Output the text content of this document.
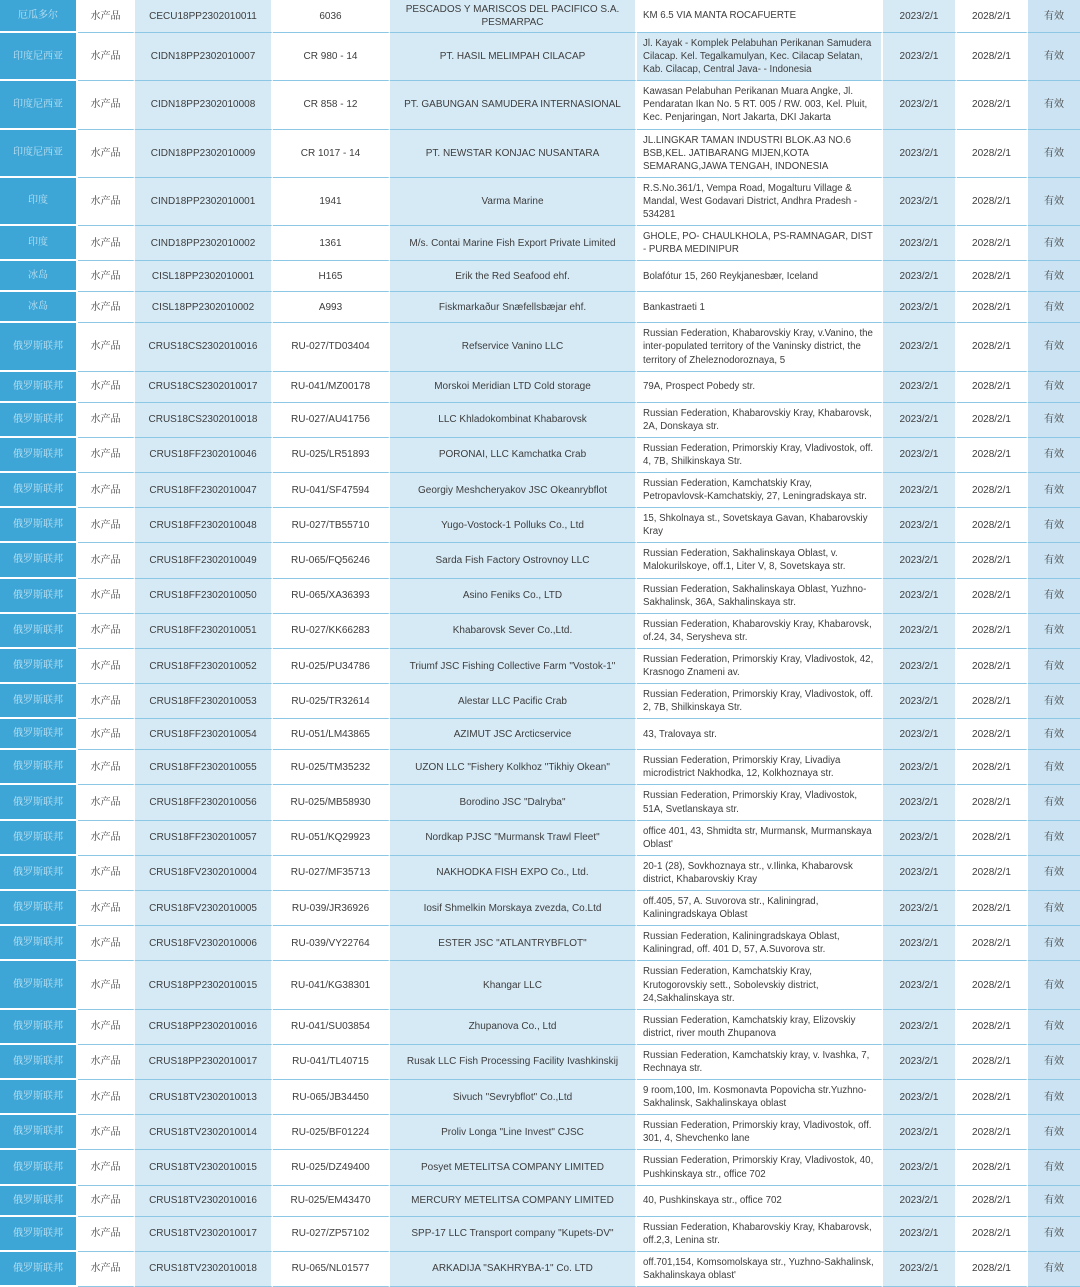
厄瓜多尔	水产品	CECU18PP2302010011	6036	PESCADOS Y MARISCOS DEL PACIFICO S.A. PESMARPAC	KM 6.5 VIA MANTA ROCAFUERTE	2023/2/1	2028/2/1	有效
印度尼西亚	水产品	CIDN18PP2302010007	CR 980 - 14	PT. HASIL MELIMPAH CILACAP	Jl. Kayak - Komplek Pelabuhan Perikanan Samudera Cilacap. Kel. Tegalkamulyan, Kec. Cilacap Selatan, Kab. Cilacap, Central Java- - Indonesia	2023/2/1	2028/2/1	有效
印度尼西亚	水产品	CIDN18PP2302010008	CR 858 - 12	PT. GABUNGAN SAMUDERA INTERNASIONAL	Kawasan Pelabuhan Perikanan Muara Angke, Jl. Pendaratan Ikan No. 5 RT. 005 / RW. 003, Kel. Pluit, Kec. Penjaringan, Nort Jakarta, DKI Jakarta	2023/2/1	2028/2/1	有效
印度尼西亚	水产品	CIDN18PP2302010009	CR 1017 - 14	PT. NEWSTAR KONJAC NUSANTARA	JL.LINGKAR TAMAN INDUSTRI BLOK.A3 NO.6 BSB,KEL. JATIBARANG MIJEN,KOTA SEMARANG,JAWA TENGAH, INDONESIA	2023/2/1	2028/2/1	有效
印度	水产品	CIND18PP2302010001	1941	Varma Marine	R.S.No.361/1, Vempa Road, Mogalturu Village & Mandal, West Godavari District, Andhra Pradesh - 534281	2023/2/1	2028/2/1	有效
印度	水产品	CIND18PP2302010002	1361	M/s. Contai Marine Fish Export Private Limited	GHOLE, PO- CHAULKHOLA, PS-RAMNAGAR, DIST - PURBA MEDINIPUR	2023/2/1	2028/2/1	有效
冰岛	水产品	CISL18PP2302010001	H165	Erik the Red Seafood ehf.	Bolafótur 15, 260 Reykjanesbær, Iceland	2023/2/1	2028/2/1	有效
冰岛	水产品	CISL18PP2302010002	A993	Fiskmarkaður Snæfellsbæjar ehf.	Bankastraeti 1	2023/2/1	2028/2/1	有效
俄罗斯联邦	水产品	CRUS18CS2302010016	RU-027/TD03404	Refservice Vanino LLC	Russian Federation, Khabarovskiy Kray, v.Vanino, the inter-populated territory of the Vaninsky district, the territory of Zheleznodoroznaya, 5	2023/2/1	2028/2/1	有效
俄罗斯联邦	水产品	CRUS18CS2302010017	RU-041/MZ00178	Morskoi Meridian LTD Cold storage	79A, Prospect Pobedy str.	2023/2/1	2028/2/1	有效
俄罗斯联邦	水产品	CRUS18CS2302010018	RU-027/AU41756	LLC Khladokombinat Khabarovsk	Russian Federation, Khabarovskiy Kray, Khabarovsk, 2A, Donskaya str.	2023/2/1	2028/2/1	有效
俄罗斯联邦	水产品	CRUS18FF2302010046	RU-025/LR51893	PORONAI, LLC Kamchatka Crab	Russian Federation, Primorskiy Kray, Vladivostok, off. 4, 7B, Shilkinskaya Str.	2023/2/1	2028/2/1	有效
俄罗斯联邦	水产品	CRUS18FF2302010047	RU-041/SF47594	Georgiy Meshcheryakov JSC Okeanrybflot	Russian Federation, Kamchatskiy Kray, Petropavlovsk-Kamchatskiy, 27, Leningradskaya str.	2023/2/1	2028/2/1	有效
俄罗斯联邦	水产品	CRUS18FF2302010048	RU-027/TB55710	Yugo-Vostock-1 Polluks Co., Ltd	15, Shkolnaya st., Sovetskaya Gavan, Khabarovskiy Kray	2023/2/1	2028/2/1	有效
俄罗斯联邦	水产品	CRUS18FF2302010049	RU-065/FQ56246	Sarda Fish Factory Ostrovnoy LLC	Russian Federation, Sakhalinskaya Oblast, v. Malokurilskoye, off.1, Liter V, 8, Sovetskaya str.	2023/2/1	2028/2/1	有效
俄罗斯联邦	水产品	CRUS18FF2302010050	RU-065/XA36393	Asino Feniks Co., LTD	Russian Federation, Sakhalinskaya Oblast, Yuzhno-Sakhalinsk, 36A, Sakhalinskaya str.	2023/2/1	2028/2/1	有效
俄罗斯联邦	水产品	CRUS18FF2302010051	RU-027/KK66283	Khabarovsk Sever Co.,Ltd.	Russian Federation, Khabarovskiy Kray, Khabarovsk, of.24, 34, Serysheva str.	2023/2/1	2028/2/1	有效
俄罗斯联邦	水产品	CRUS18FF2302010052	RU-025/PU34786	Triumf JSC Fishing Collective Farm "Vostok-1"	Russian Federation, Primorskiy Kray, Vladivostok, 42, Krasnogo Znameni av.	2023/2/1	2028/2/1	有效
俄罗斯联邦	水产品	CRUS18FF2302010053	RU-025/TR32614	Alestar LLC Pacific Crab	Russian Federation, Primorskiy Kray, Vladivostok, off. 2, 7B, Shilkinskaya Str.	2023/2/1	2028/2/1	有效
俄罗斯联邦	水产品	CRUS18FF2302010054	RU-051/LM43865	AZIMUT JSC Arcticservice	43, Tralovaya str.	2023/2/1	2028/2/1	有效
俄罗斯联邦	水产品	CRUS18FF2302010055	RU-025/TM35232	UZON LLC "Fishery Kolkhoz "Tikhiy Okean"	Russian Federation, Primorskiy Kray, Livadiya microdistrict Nakhodka, 12, Kolkhoznaya str.	2023/2/1	2028/2/1	有效
俄罗斯联邦	水产品	CRUS18FF2302010056	RU-025/MB58930	Borodino JSC "Dalryba"	Russian Federation, Primorskiy Kray, Vladivostok, 51A, Svetlanskaya str.	2023/2/1	2028/2/1	有效
俄罗斯联邦	水产品	CRUS18FF2302010057	RU-051/KQ29923	Nordkap PJSC "Murmansk Trawl Fleet"	office 401, 43, Shmidta str, Murmansk, Murmanskaya Oblast'	2023/2/1	2028/2/1	有效
俄罗斯联邦	水产品	CRUS18FV2302010004	RU-027/MF35713	NAKHODKA FISH EXPO Co., Ltd.	20-1 (28), Sovkhoznaya str., v.Ilinka, Khabarovsk district, Khabarovskiy Kray	2023/2/1	2028/2/1	有效
俄罗斯联邦	水产品	CRUS18FV2302010005	RU-039/JR36926	Iosif Shmelkin Morskaya zvezda, Co.Ltd	off.405, 57, A. Suvorova str., Kaliningrad, Kaliningradskaya Oblast	2023/2/1	2028/2/1	有效
俄罗斯联邦	水产品	CRUS18FV2302010006	RU-039/VY22764	ESTER JSC "ATLANTRYBFLOT"	Russian Federation, Kaliningradskaya Oblast, Kaliningrad, off. 401 D, 57, A.Suvorova str.	2023/2/1	2028/2/1	有效
俄罗斯联邦	水产品	CRUS18PP2302010015	RU-041/KG38301	Khangar LLC	Russian Federation, Kamchatskiy Kray, Krutogorovskiy sett., Sobolevskiy district, 24,Sakhalinskaya str.	2023/2/1	2028/2/1	有效
俄罗斯联邦	水产品	CRUS18PP2302010016	RU-041/SU03854	Zhupanova Co., Ltd	Russian Federation, Kamchatskiy kray, Elizovskiy district, river mouth Zhupanova	2023/2/1	2028/2/1	有效
俄罗斯联邦	水产品	CRUS18PP2302010017	RU-041/TL40715	Rusak LLC Fish Processing Facility Ivashkinskij	Russian Federation, Kamchatskiy kray, v. Ivashka, 7, Rechnaya str.	2023/2/1	2028/2/1	有效
俄罗斯联邦	水产品	CRUS18TV2302010013	RU-065/JB34450	Sivuch "Sevrybflot" Co.,Ltd	9 room,100, Im. Kosmonavta Popovicha str.Yuzhno-Sakhalinsk, Sakhalinskaya oblast	2023/2/1	2028/2/1	有效
俄罗斯联邦	水产品	CRUS18TV2302010014	RU-025/BF01224	Proliv Longa "Line Invest" CJSC	Russian Federation, Primorskiy kray, Vladivostok, off. 301, 4, Shevchenko lane	2023/2/1	2028/2/1	有效
俄罗斯联邦	水产品	CRUS18TV2302010015	RU-025/DZ49400	Posyet METELITSA COMPANY LIMITED	Russian Federation, Primorskiy Kray, Vladivostok, 40, Pushkinskaya str., office 702	2023/2/1	2028/2/1	有效
俄罗斯联邦	水产品	CRUS18TV2302010016	RU-025/EM43470	MERCURY METELITSA COMPANY LIMITED	40, Pushkinskaya str., office 702	2023/2/1	2028/2/1	有效
俄罗斯联邦	水产品	CRUS18TV2302010017	RU-027/ZP57102	SPP-17 LLC Transport company "Kupets-DV"	Russian Federation, Khabarovskiy Kray, Khabarovsk, off.2,3, Lenina str.	2023/2/1	2028/2/1	有效
俄罗斯联邦	水产品	CRUS18TV2302010018	RU-065/NL01577	ARKADIJA "SAKHRYBA-1" Co. LTD	off.701,154, Komsomolskaya str., Yuzhno-Sakhalinsk, Sakhalinskaya oblast'	2023/2/1	2028/2/1	有效
